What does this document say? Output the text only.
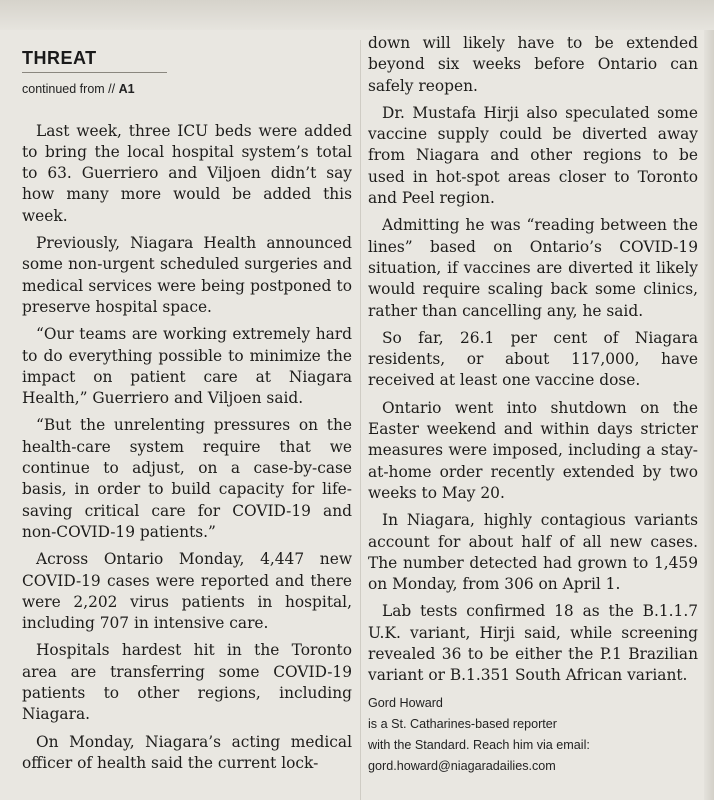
THREAT
continued from // A1

Last week, three ICU beds were added to bring the local hospital system’s total to 63. Guerriero and Viljoen didn’t say how many more would be added this week.

Previously, Niagara Health announced some non-urgent scheduled surgeries and medical services were being postponed to preserve hospital space.

“Our teams are working extremely hard to do everything possible to minimize the impact on patient care at Niagara Health,” Guerriero and Viljoen said.

“But the unrelenting pressures on the health-care system require that we continue to adjust, on a case-by-case basis, in order to build capacity for life-saving critical care for COVID-19 and non-COVID-19 patients.”

Across Ontario Monday, 4,447 new COVID-19 cases were reported and there were 2,202 virus patients in hospital, including 707 in intensive care.

Hospitals hardest hit in the Toronto area are transferring some COVID-19 patients to other regions, including Niagara.

On Monday, Niagara’s acting medical officer of health said the current lock-

down will likely have to be extended beyond six weeks before Ontario can safely reopen.

Dr. Mustafa Hirji also speculated some vaccine supply could be diverted away from Niagara and other regions to be used in hot-spot areas closer to Toronto and Peel region.

Admitting he was “reading between the lines” based on Ontario’s COVID-19 situation, if vaccines are diverted it likely would require scaling back some clinics, rather than cancelling any, he said.

So far, 26.1 per cent of Niagara residents, or about 117,000, have received at least one vaccine dose.

Ontario went into shutdown on the Easter weekend and within days stricter measures were imposed, including a stay-at-home order recently extended by two weeks to May 20.

In Niagara, highly contagious variants account for about half of all new cases. The number detected had grown to 1,459 on Monday, from 306 on April 1.

Lab tests confirmed 18 as the B.1.1.7 U.K. variant, Hirji said, while screening revealed 36 to be either the P.1 Brazilian variant or B.1.351 South African variant.

Gord Howard
is a St. Catharines-based reporter
with the Standard. Reach him via email:
gord.howard@niagaradailies.com
